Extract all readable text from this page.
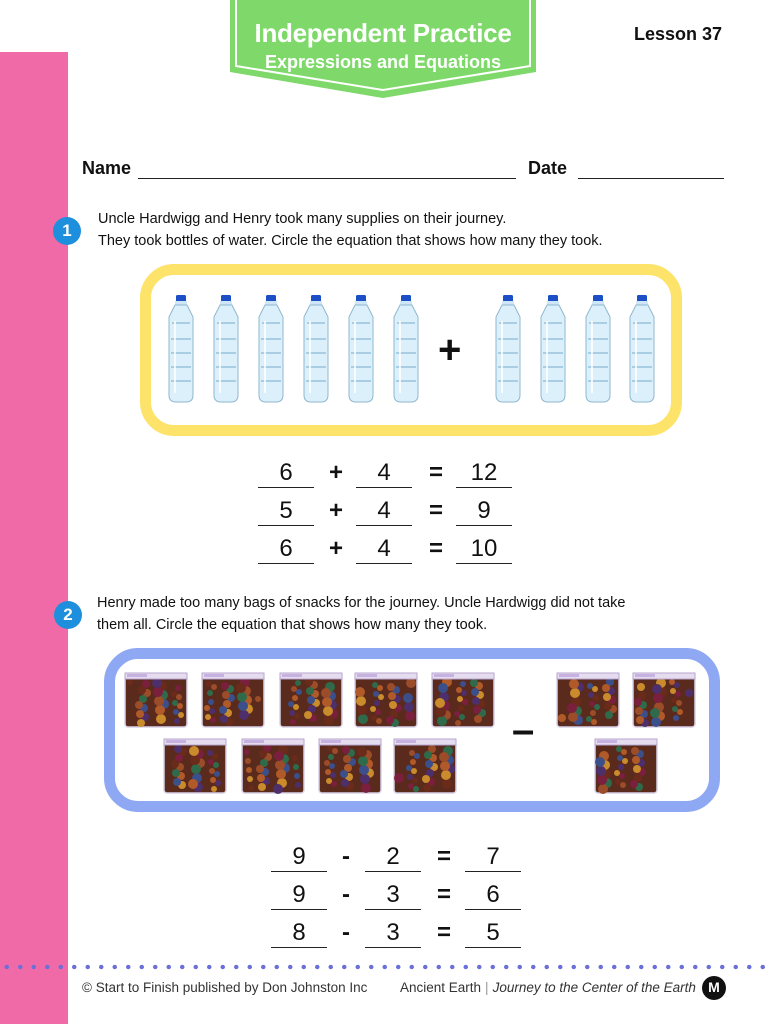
Independent Practice
Expressions and Equations
Lesson 37
Name	Date
1
Uncle Hardwigg and Henry took many supplies on their journey.
They took bottles of water. Circle the equation that shows how many they took.
+
6	+	4	=	12
5	+	4	=	9
6	+	4	=	10
2
Henry made too many bags of snacks for the journey. Uncle Hardwigg did not take
them all. Circle the equation that shows how many they took.
–
9	-	2	=	7
9	-	3	=	6
8	-	3	=	5
© Start to Finish published by Don Johnston Inc Ancient Earth | Journey to the Center of the Earth M
